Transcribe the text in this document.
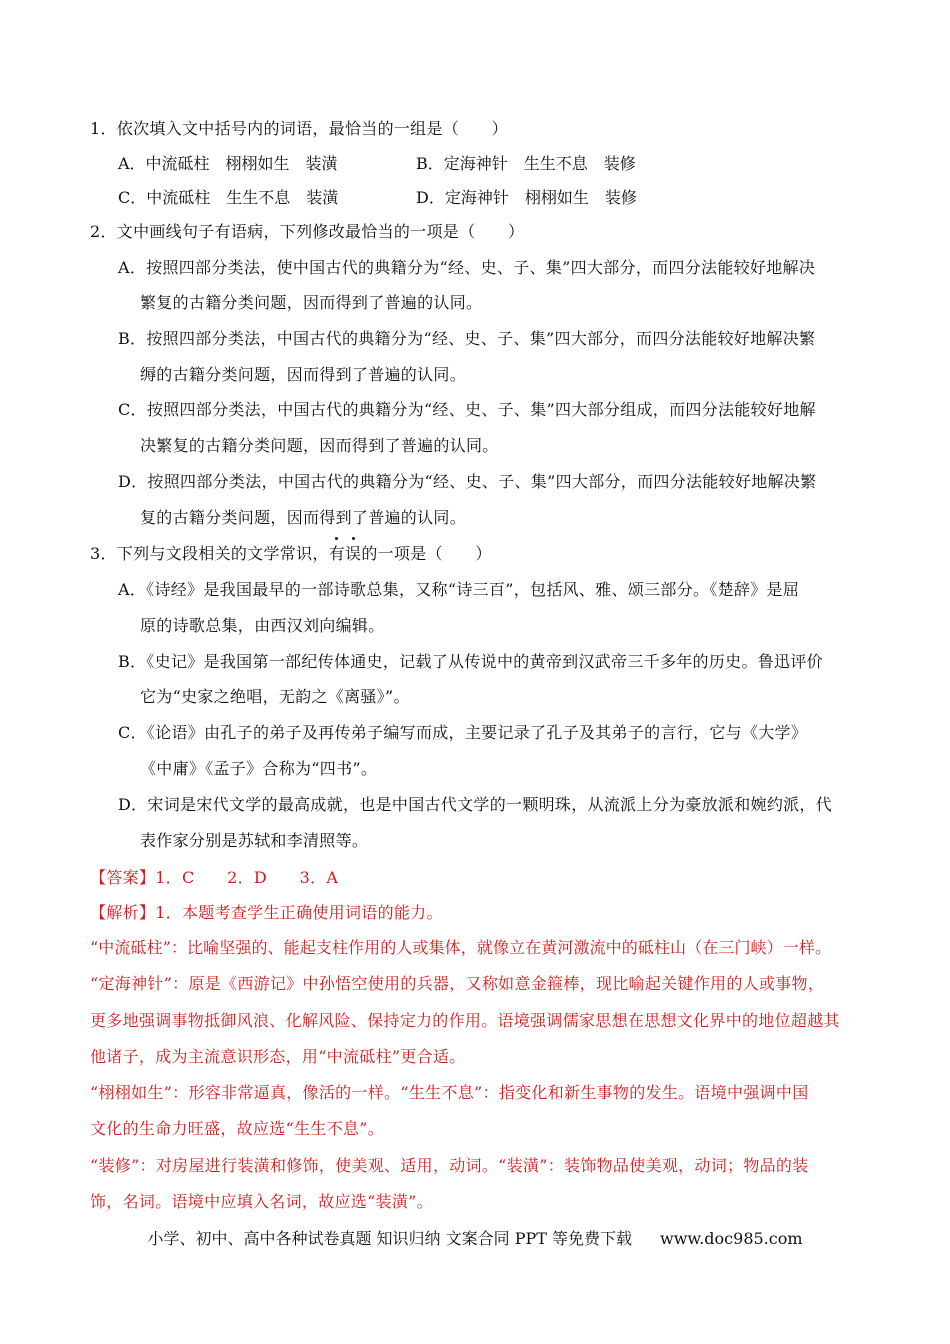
1．依次填入文中括号内的词语，最恰当的一组是（　　）
A．中流砥柱　栩栩如生　装潢	B．定海神针　生生不息　装修
C．中流砥柱　生生不息　装潢	D．定海神针　栩栩如生　装修
2．文中画线句子有语病，下列修改最恰当的一项是（　　）
A．按照四部分类法，使中国古代的典籍分为“经、史、子、集”四大部分，而四分法能较好地解决
繁复的古籍分类问题，因而得到了普遍的认同。
B．按照四部分类法，中国古代的典籍分为“经、史、子、集”四大部分，而四分法能较好地解决繁
缛的古籍分类问题，因而得到了普遍的认同。
C．按照四部分类法，中国古代的典籍分为“经、史、子、集”四大部分组成，而四分法能较好地解
决繁复的古籍分类问题，因而得到了普遍的认同。
D．按照四部分类法，中国古代的典籍分为“经、史、子、集”四大部分，而四分法能较好地解决繁
复的古籍分类问题，因而得到了普遍的认同。
3．下列与文段相关的文学常识，有误的一项是（　　）
A．《诗经》是我国最早的一部诗歌总集，又称“诗三百”，包括风、雅、颂三部分。《楚辞》是屈
原的诗歌总集，由西汉刘向编辑。
B．《史记》是我国第一部纪传体通史，记载了从传说中的黄帝到汉武帝三千多年的历史。鲁迅评价
它为“史家之绝唱，无韵之《离骚》”。
C．《论语》由孔子的弟子及再传弟子编写而成，主要记录了孔子及其弟子的言行，它与《大学》
《中庸》《孟子》合称为“四书”。
D．宋词是宋代文学的最高成就，也是中国古代文学的一颗明珠，从流派上分为豪放派和婉约派，代
表作家分别是苏轼和李清照等。
【答案】1．C　　2．D　　3．A
【解析】1．本题考查学生正确使用词语的能力。
“中流砥柱”：比喻坚强的、能起支柱作用的人或集体，就像立在黄河激流中的砥柱山（在三门峡）一样。
“定海神针”：原是《西游记》中孙悟空使用的兵器，又称如意金箍棒，现比喻起关键作用的人或事物，
更多地强调事物抵御风浪、化解风险、保持定力的作用。语境强调儒家思想在思想文化界中的地位超越其
他诸子，成为主流意识形态，用“中流砥柱”更合适。
“栩栩如生”：形容非常逼真，像活的一样。“生生不息”：指变化和新生事物的发生。语境中强调中国
文化的生命力旺盛，故应选“生生不息”。
“装修”：对房屋进行装潢和修饰，使美观、适用，动词。“装潢”：装饰物品使美观，动词；物品的装
饰，名词。语境中应填入名词，故应选“装潢”。
小学、初中、高中各种试卷真题 知识归纳 文案合同 PPT 等免费下载 www.doc985.com
